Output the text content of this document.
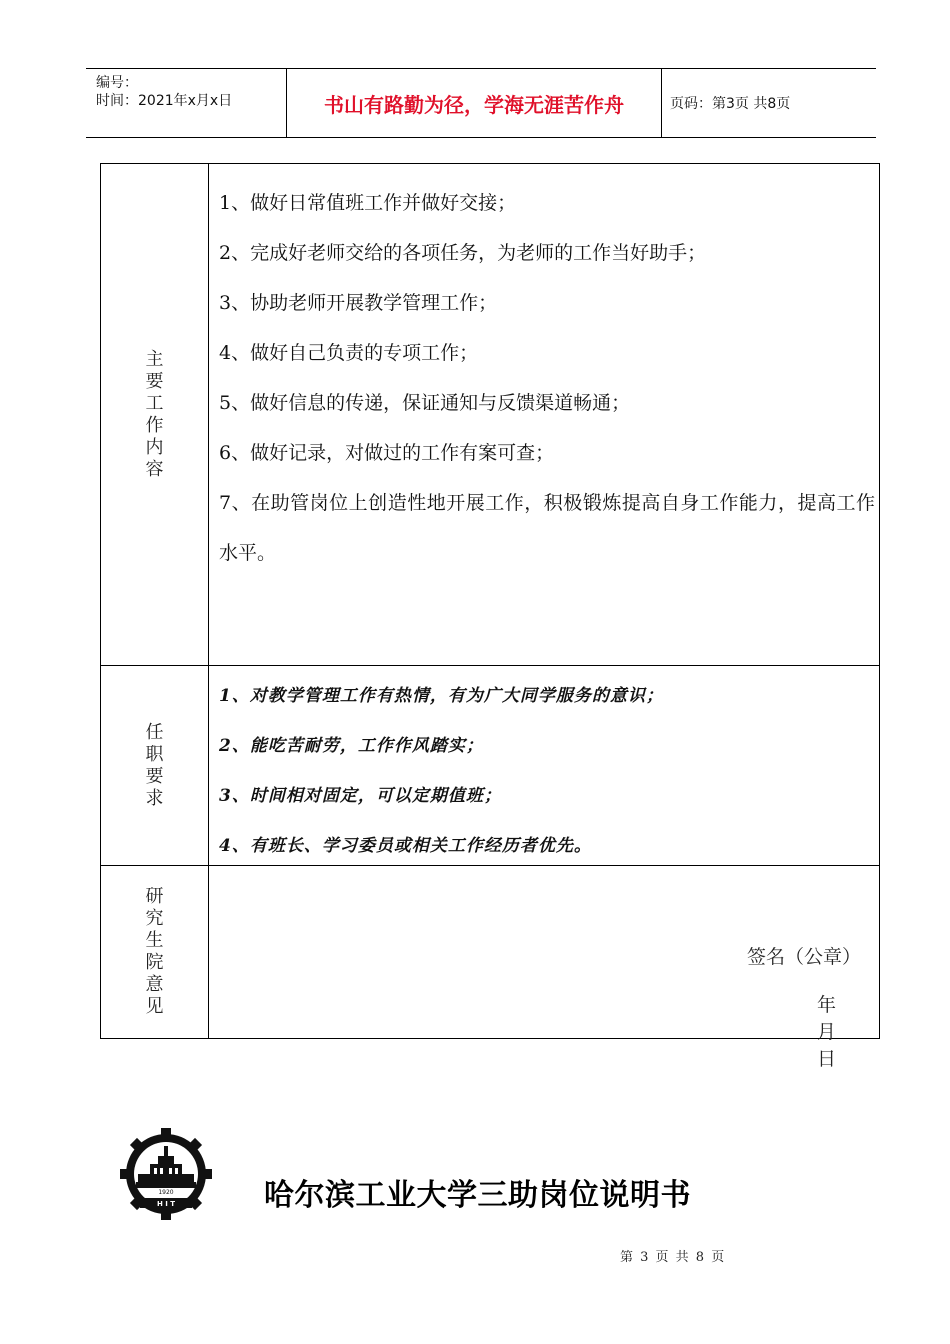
编号：
时间：2021年x月x日	书山有路勤为径，学海无涯苦作舟	页码：第3页 共8页
主要工作内容
1、做好日常值班工作并做好交接；
2、完成好老师交给的各项任务，为老师的工作当好助手；
3、协助老师开展教学管理工作；
4、做好自己负责的专项工作；
5、做好信息的传递，保证通知与反馈渠道畅通；
6、做好记录，对做过的工作有案可查；
7、在助管岗位上创造性地开展工作，积极锻炼提高自身工作能力，提高工作水平。
任职要求
1、对教学管理工作有热情，有为广大同学服务的意识；
2、能吃苦耐劳，工作作风踏实；
3、时间相对固定，可以定期值班；
4、有班长、学习委员或相关工作经历者优先。
研究生院意见
签名（公章）
年 月 日
1920
H I T	哈尔滨工业大学三助岗位说明书
第 3 页 共 8 页
